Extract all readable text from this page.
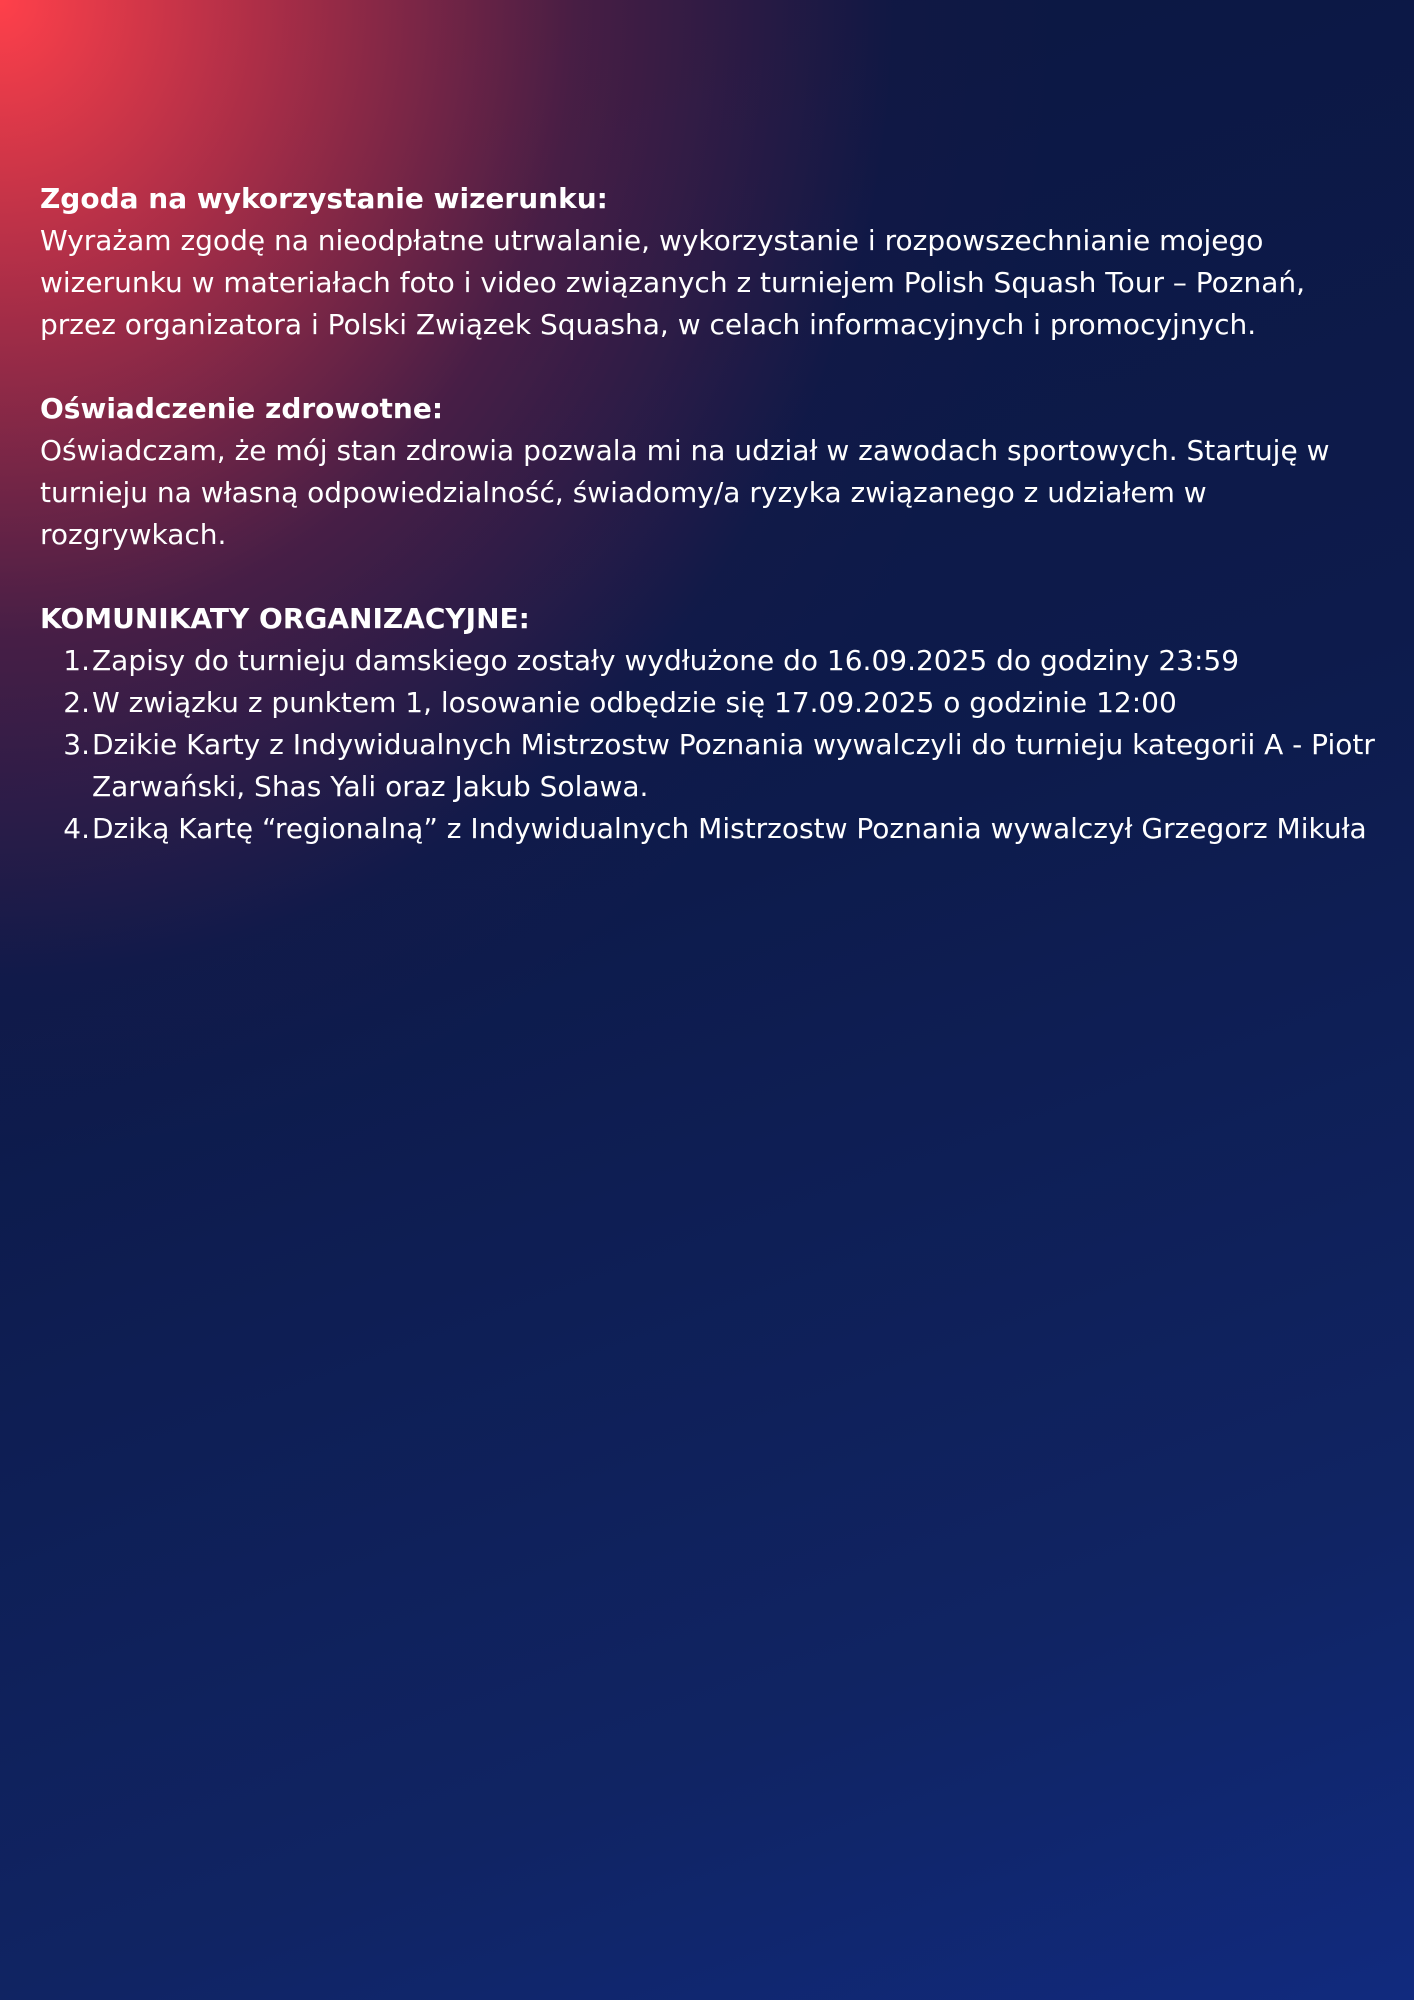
Zgoda na wykorzystanie wizerunku:

Wyrażam zgodę na nieodpłatne utrwalanie, wykorzystanie i rozpowszechnianie mojego
wizerunku w materiałach foto i video związanych z turniejem Polish Squash Tour – Poznań,
przez organizatora i Polski Związek Squasha, w celach informacyjnych i promocyjnych.

Oświadczenie zdrowotne:

Oświadczam, że mój stan zdrowia pozwala mi na udział w zawodach sportowych. Startuję w
turnieju na własną odpowiedzialność, świadomy/a ryzyka związanego z udziałem w
rozgrywkach.

KOMUNIKATY ORGANIZACYJNE:

1. Zapisy do turnieju damskiego zostały wydłużone do 16.09.2025 do godziny 23:59
2. W związku z punktem 1, losowanie odbędzie się 17.09.2025 o godzinie 12:00
3. Dzikie Karty z Indywidualnych Mistrzostw Poznania wywalczyli do turnieju kategorii A - Piotr
Zarwański, Shas Yali oraz Jakub Solawa.
4. Dziką Kartę “regionalną” z Indywidualnych Mistrzostw Poznania wywalczył Grzegorz Mikuła
